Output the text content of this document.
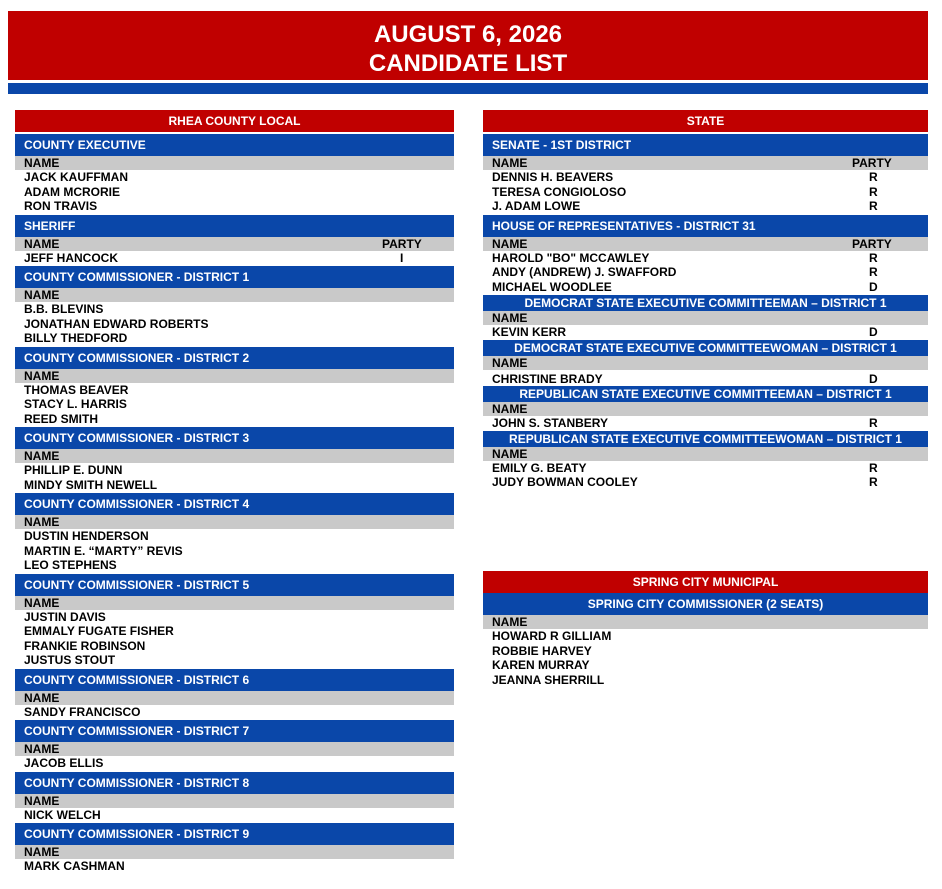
AUGUST 6, 2026
CANDIDATE LIST
RHEA COUNTY LOCAL
COUNTY EXECUTIVE
NAME
JACK KAUFFMAN
ADAM MCRORIE
RON TRAVIS
SHERIFF
NAME	PARTY
JEFF HANCOCK	I
COUNTY COMMISSIONER - DISTRICT 1
NAME
B.B. BLEVINS
JONATHAN EDWARD ROBERTS
BILLY THEDFORD
COUNTY COMMISSIONER - DISTRICT 2
NAME
THOMAS BEAVER
STACY L. HARRIS
REED SMITH
COUNTY COMMISSIONER - DISTRICT 3
NAME
PHILLIP E. DUNN
MINDY SMITH NEWELL
COUNTY COMMISSIONER - DISTRICT 4
NAME
DUSTIN HENDERSON
MARTIN E. “MARTY” REVIS
LEO STEPHENS
COUNTY COMMISSIONER - DISTRICT 5
NAME
JUSTIN DAVIS
EMMALY FUGATE FISHER
FRANKIE ROBINSON
JUSTUS STOUT
COUNTY COMMISSIONER - DISTRICT 6
NAME
SANDY FRANCISCO
COUNTY COMMISSIONER - DISTRICT 7
NAME
JACOB ELLIS
COUNTY COMMISSIONER - DISTRICT 8
NAME
NICK WELCH
COUNTY COMMISSIONER - DISTRICT 9
NAME
MARK CASHMAN
STATE
SENATE - 1ST DISTRICT
NAME	PARTY
DENNIS H. BEAVERS	R
TERESA CONGIOLOSO	R
J. ADAM LOWE	R
HOUSE OF REPRESENTATIVES - DISTRICT 31
NAME	PARTY
HAROLD "BO" MCCAWLEY	R
ANDY (ANDREW) J. SWAFFORD	R
MICHAEL WOODLEE	D
DEMOCRAT STATE EXECUTIVE COMMITTEEMAN – DISTRICT 1
NAME
KEVIN KERR	D
DEMOCRAT STATE EXECUTIVE COMMITTEEWOMAN – DISTRICT 1
NAME
CHRISTINE BRADY	D
REPUBLICAN STATE EXECUTIVE COMMITTEEMAN – DISTRICT 1
NAME
JOHN S. STANBERY	R
REPUBLICAN STATE EXECUTIVE COMMITTEEWOMAN – DISTRICT 1
NAME
EMILY G. BEATY	R
JUDY BOWMAN COOLEY	R
SPRING CITY MUNICIPAL
SPRING CITY COMMISSIONER (2 SEATS)
NAME
HOWARD R GILLIAM
ROBBIE HARVEY
KAREN MURRAY
JEANNA SHERRILL
